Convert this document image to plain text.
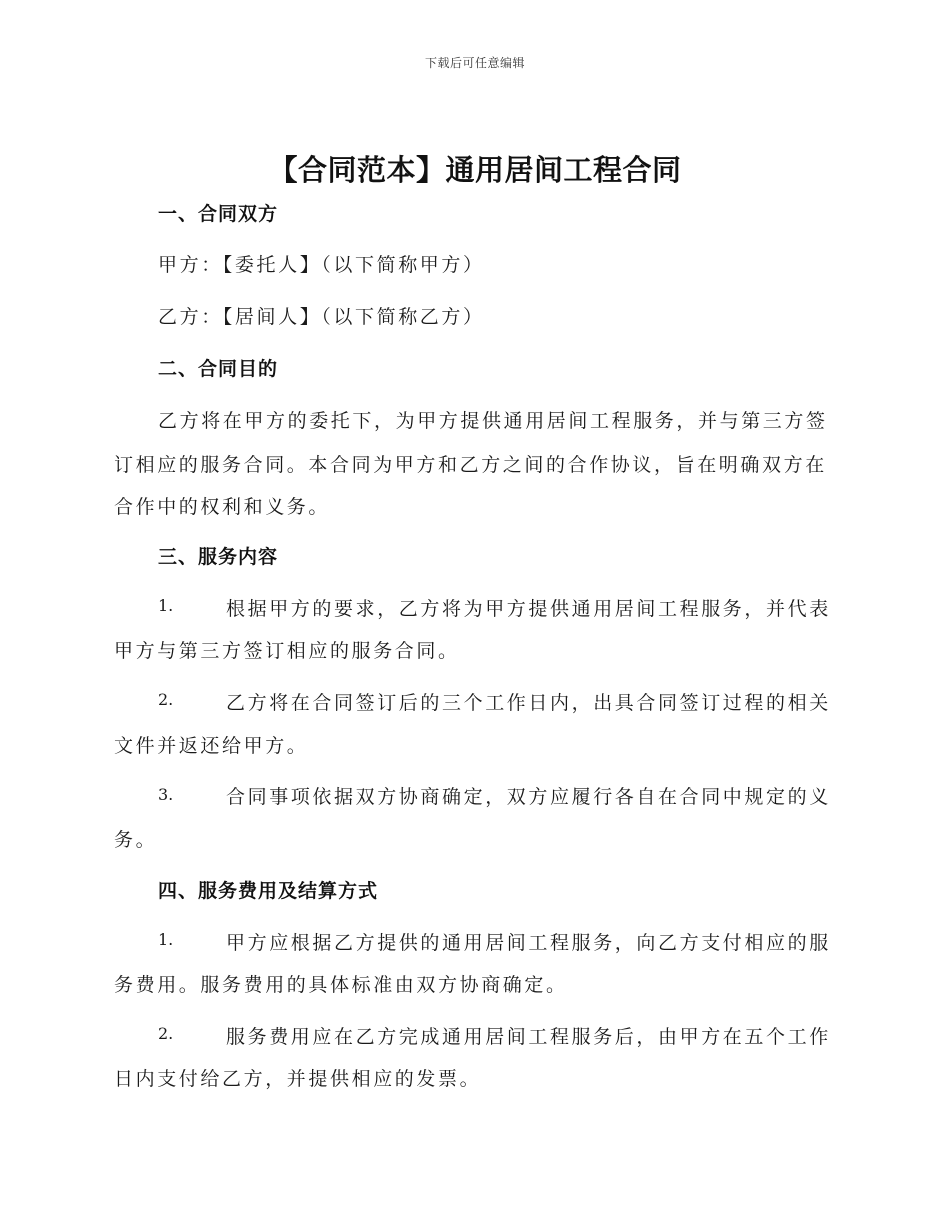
下载后可任意编辑
【合同范本】通用居间工程合同
一、合同双方
甲方：【委托人】（以下简称甲方）
乙方：【居间人】（以下简称乙方）
二、合同目的
乙方将在甲方的委托下，为甲方提供通用居间工程服务，并与第三方签
订相应的服务合同。本合同为甲方和乙方之间的合作协议，旨在明确双方在
合作中的权利和义务。
三、服务内容
1.	根据甲方的要求，乙方将为甲方提供通用居间工程服务，并代表
甲方与第三方签订相应的服务合同。
2.	乙方将在合同签订后的三个工作日内，出具合同签订过程的相关
文件并返还给甲方。
3.	合同事项依据双方协商确定，双方应履行各自在合同中规定的义
务。
四、服务费用及结算方式
1.	甲方应根据乙方提供的通用居间工程服务，向乙方支付相应的服
务费用。服务费用的具体标准由双方协商确定。
2.	服务费用应在乙方完成通用居间工程服务后，由甲方在五个工作
日内支付给乙方，并提供相应的发票。
